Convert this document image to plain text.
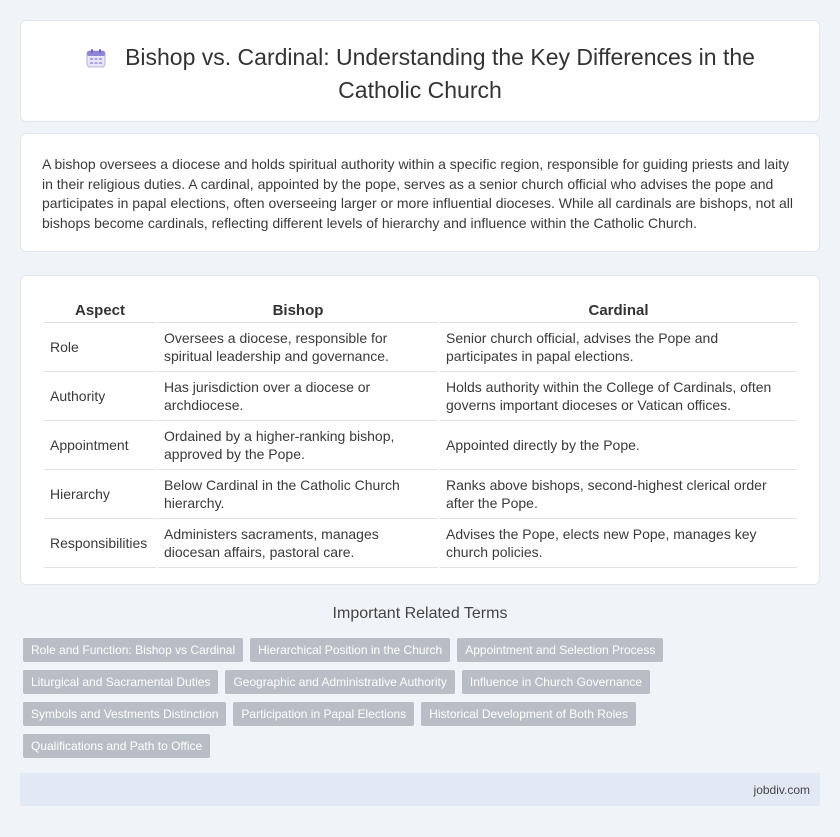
Bishop vs. Cardinal: Understanding the Key Differences in the
Catholic Church

A bishop oversees a diocese and holds spiritual authority within a specific region, responsible for guiding priests and laity in their religious duties. A cardinal, appointed by the pope, serves as a senior church official who advises the pope and participates in papal elections, often overseeing larger or more influential dioceses. While all cardinals are bishops, not all bishops become cardinals, reflecting different levels of hierarchy and influence within the Catholic Church.

Aspect	Bishop	Cardinal
Role	Oversees a diocese, responsible for spiritual leadership and governance.	Senior church official, advises the Pope and participates in papal elections.
Authority	Has jurisdiction over a diocese or archdiocese.	Holds authority within the College of Cardinals, often governs important dioceses or Vatican offices.
Appointment	Ordained by a higher-ranking bishop, approved by the Pope.	Appointed directly by the Pope.
Hierarchy	Below Cardinal in the Catholic Church hierarchy.	Ranks above bishops, second-highest clerical order after the Pope.
Responsibilities	Administers sacraments, manages diocesan affairs, pastoral care.	Advises the Pope, elects new Pope, manages key church policies.
Important Related Terms
Role and Function: Bishop vs Cardinal	Hierarchical Position in the Church	Appointment and Selection Process
Liturgical and Sacramental Duties	Geographic and Administrative Authority	Influence in Church Governance
Symbols and Vestments Distinction	Participation in Papal Elections	Historical Development of Both Roles
Qualifications and Path to Office
jobdiv.com
